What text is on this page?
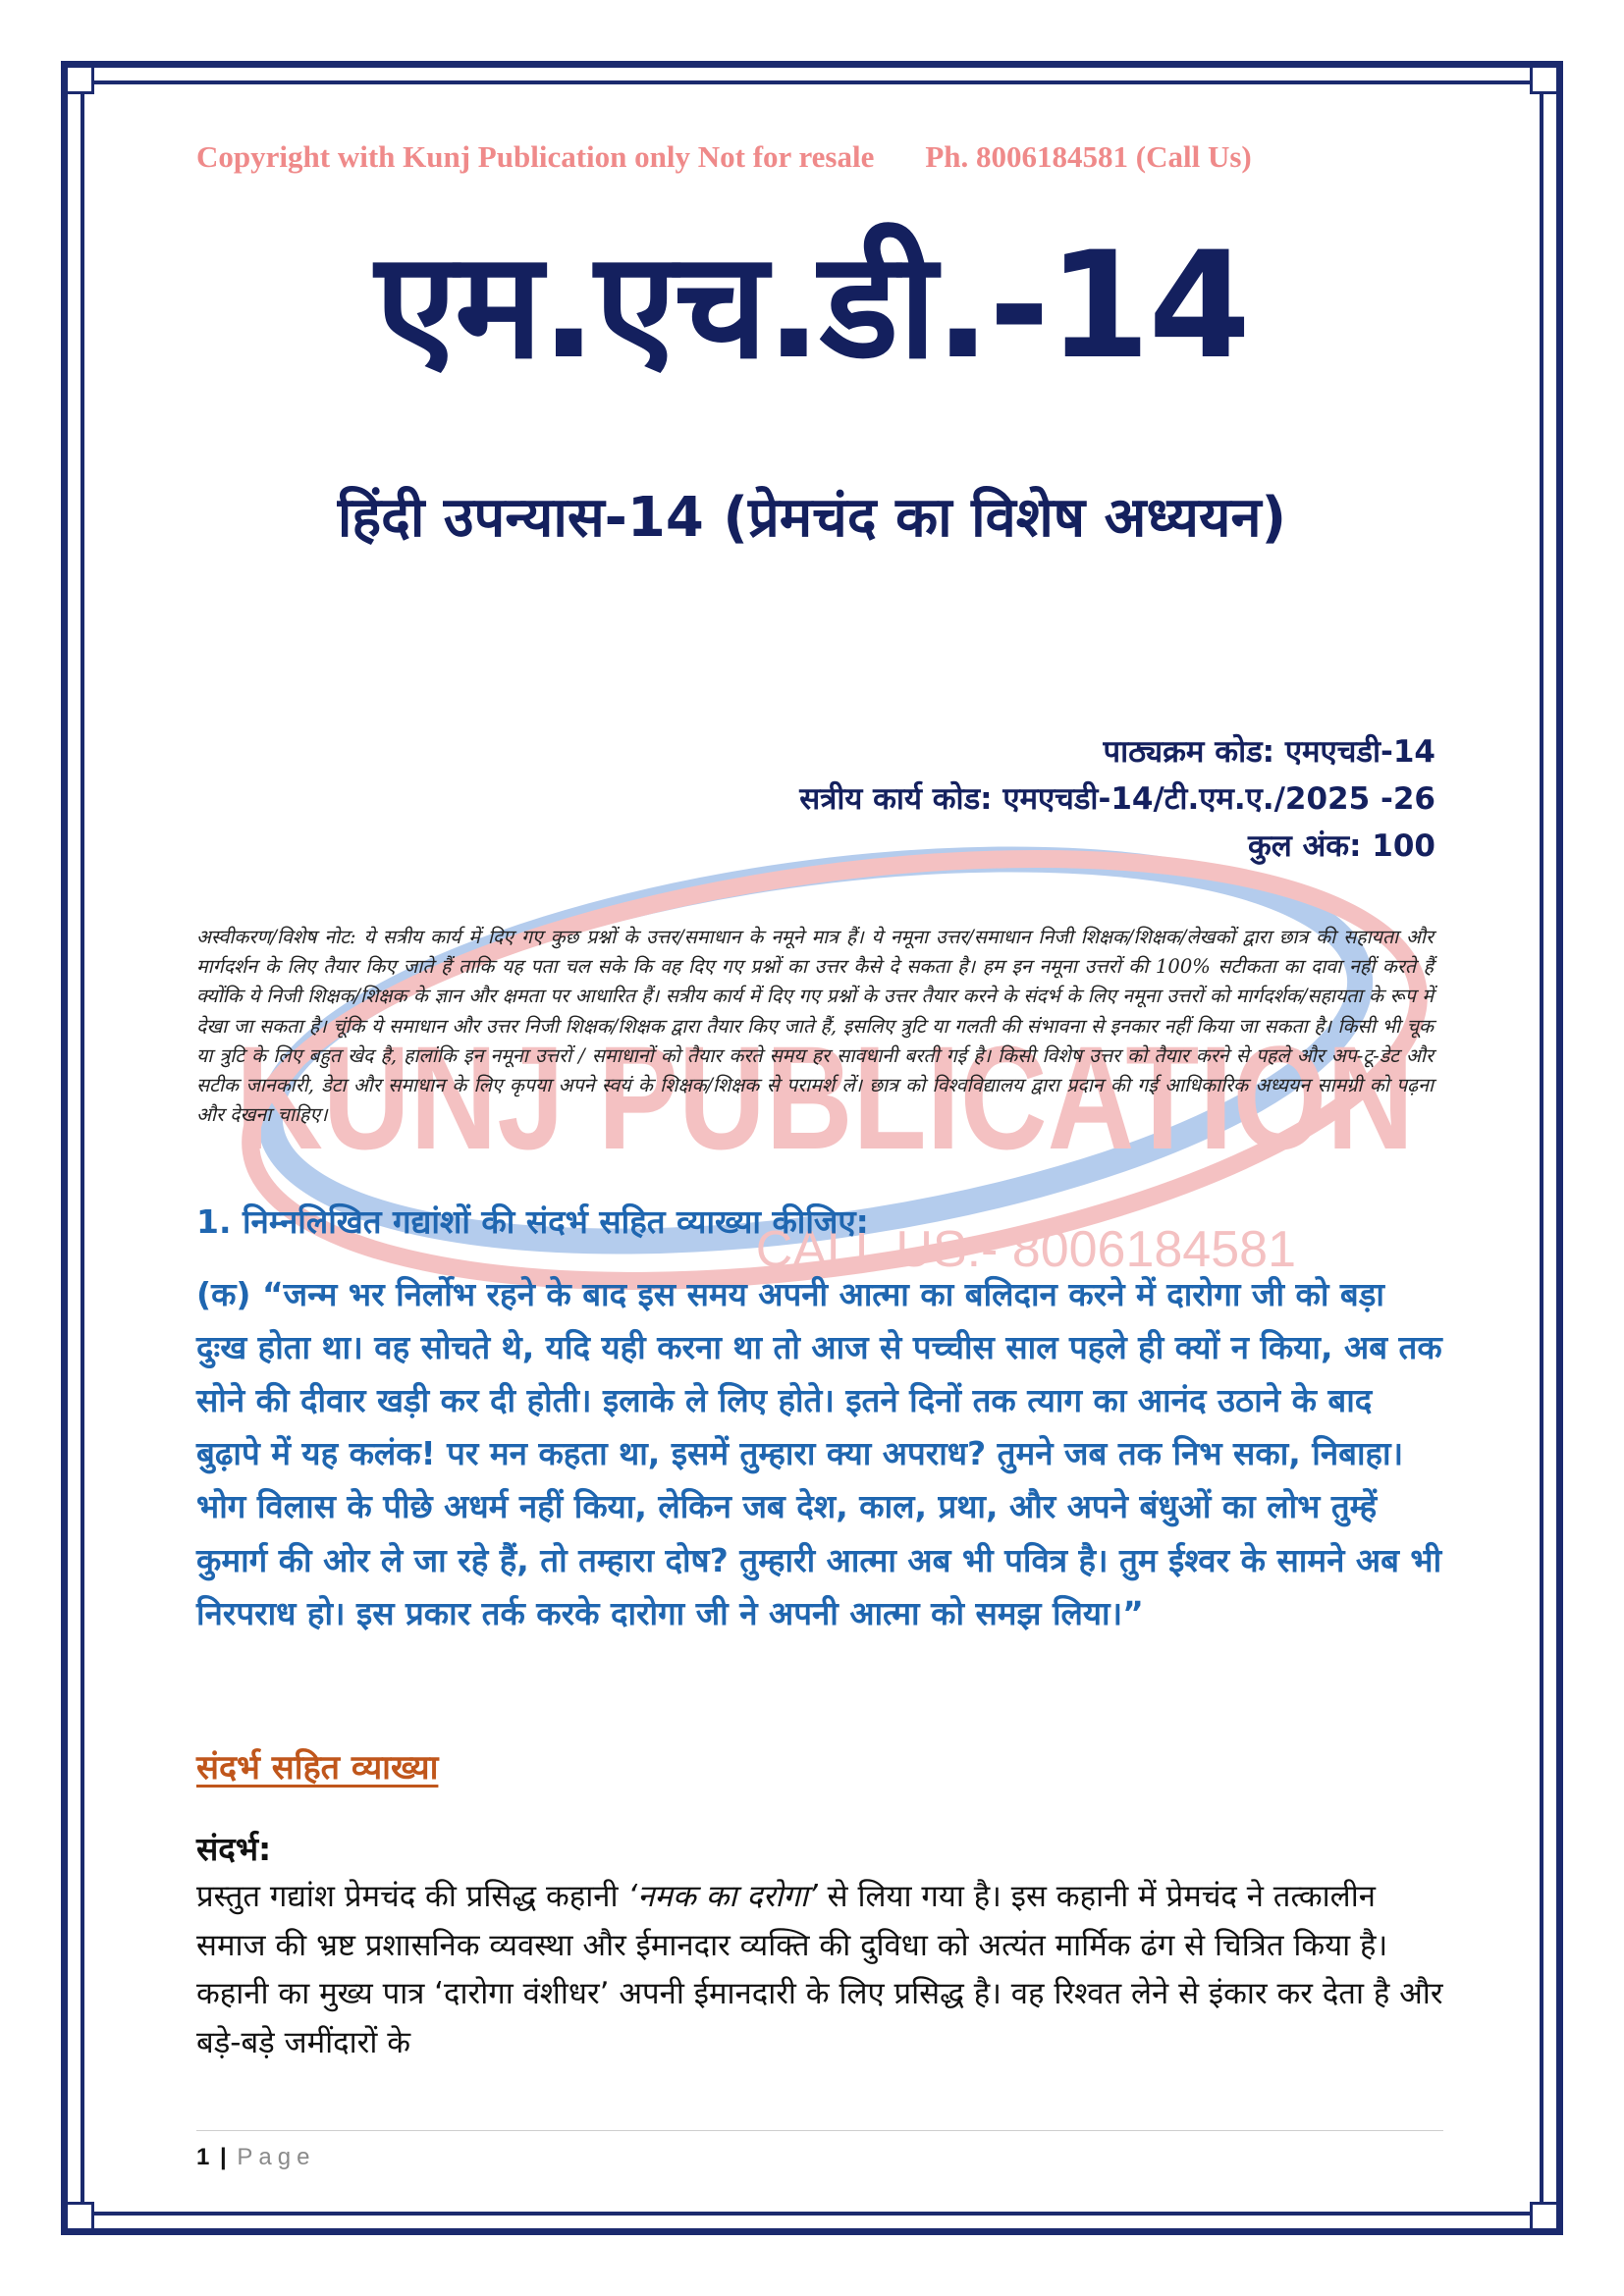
KUNJ PUBLICATION
CALL US:- 8006184581
Copyright with Kunj Publication only Not for resale Ph. 8006184581 (Call Us)
एम.एच.डी.-14
हिंदी उपन्यास-14 (प्रेमचंद का विशेष अध्ययन)
पाठ्यक्रम कोड: एमएचडी-14
सत्रीय कार्य कोड: एमएचडी-14/टी.एम.ए./2025 -26
कुल अंक: 100
अस्वीकरण/विशेष नोट: ये सत्रीय कार्य में दिए गए कुछ प्रश्नों के उत्तर/समाधान के नमूने मात्र हैं। ये नमूना उत्तर/समाधान निजी शिक्षक/शिक्षक/लेखकों द्वारा छात्र की सहायता और मार्गदर्शन के लिए तैयार किए जाते हैं ताकि यह पता चल सके कि वह दिए गए प्रश्नों का उत्तर कैसे दे सकता है। हम इन नमूना उत्तरों की 100% सटीकता का दावा नहीं करते हैं क्योंकि ये निजी शिक्षक/शिक्षक के ज्ञान और क्षमता पर आधारित हैं। सत्रीय कार्य में दिए गए प्रश्नों के उत्तर तैयार करने के संदर्भ के लिए नमूना उत्तरों को मार्गदर्शक/सहायता के रूप में देखा जा सकता है। चूंकि ये समाधान और उत्तर निजी शिक्षक/शिक्षक द्वारा तैयार किए जाते हैं, इसलिए त्रुटि या गलती की संभावना से इनकार नहीं किया जा सकता है। किसी भी चूक या त्रुटि के लिए बहुत खेद है, हालांकि इन नमूना उत्तरों / समाधानों को तैयार करते समय हर सावधानी बरती गई है। किसी विशेष उत्तर को तैयार करने से पहले और अप-टू-डेट और सटीक जानकारी, डेटा और समाधान के लिए कृपया अपने स्वयं के शिक्षक/शिक्षक से परामर्श लें। छात्र को विश्वविद्यालय द्वारा प्रदान की गई आधिकारिक अध्ययन सामग्री को पढ़ना और देखना चाहिए।
1. निम्नलिखित गद्यांशों की संदर्भ सहित व्याख्या कीजिए:
(क) “जन्म भर निर्लोभ रहने के बाद इस समय अपनी आत्मा का बलिदान करने में दारोगा जी को बड़ा दुःख होता था। वह सोचते थे, यदि यही करना था तो आज से पच्चीस साल पहले ही क्यों न किया, अब तक सोने की दीवार खड़ी कर दी होती। इलाके ले लिए होते। इतने दिनों तक त्याग का आनंद उठाने के बाद बुढ़ापे में यह कलंक! पर मन कहता था, इसमें तुम्हारा क्या अपराध? तुमने जब तक निभ सका, निबाहा। भोग विलास के पीछे अधर्म नहीं किया, लेकिन जब देश, काल, प्रथा, और अपने बंधुओं का लोभ तुम्हें कुमार्ग की ओर ले जा रहे हैं, तो तम्हारा दोष? तुम्हारी आत्मा अब भी पवित्र है। तुम ईश्वर के सामने अब भी निरपराध हो। इस प्रकार तर्क करके दारोगा जी ने अपनी आत्मा को समझ लिया।”
संदर्भ सहित व्याख्या
संदर्भ:
प्रस्तुत गद्यांश प्रेमचंद की प्रसिद्ध कहानी ‘नमक का दरोगा’ से लिया गया है। इस कहानी में प्रेमचंद ने तत्कालीन समाज की भ्रष्ट प्रशासनिक व्यवस्था और ईमानदार व्यक्ति की दुविधा को अत्यंत मार्मिक ढंग से चित्रित किया है। कहानी का मुख्य पात्र ‘दारोगा वंशीधर’ अपनी ईमानदारी के लिए प्रसिद्ध है। वह रिश्वत लेने से इंकार कर देता है और बड़े-बड़े जमींदारों के
1 | Page
